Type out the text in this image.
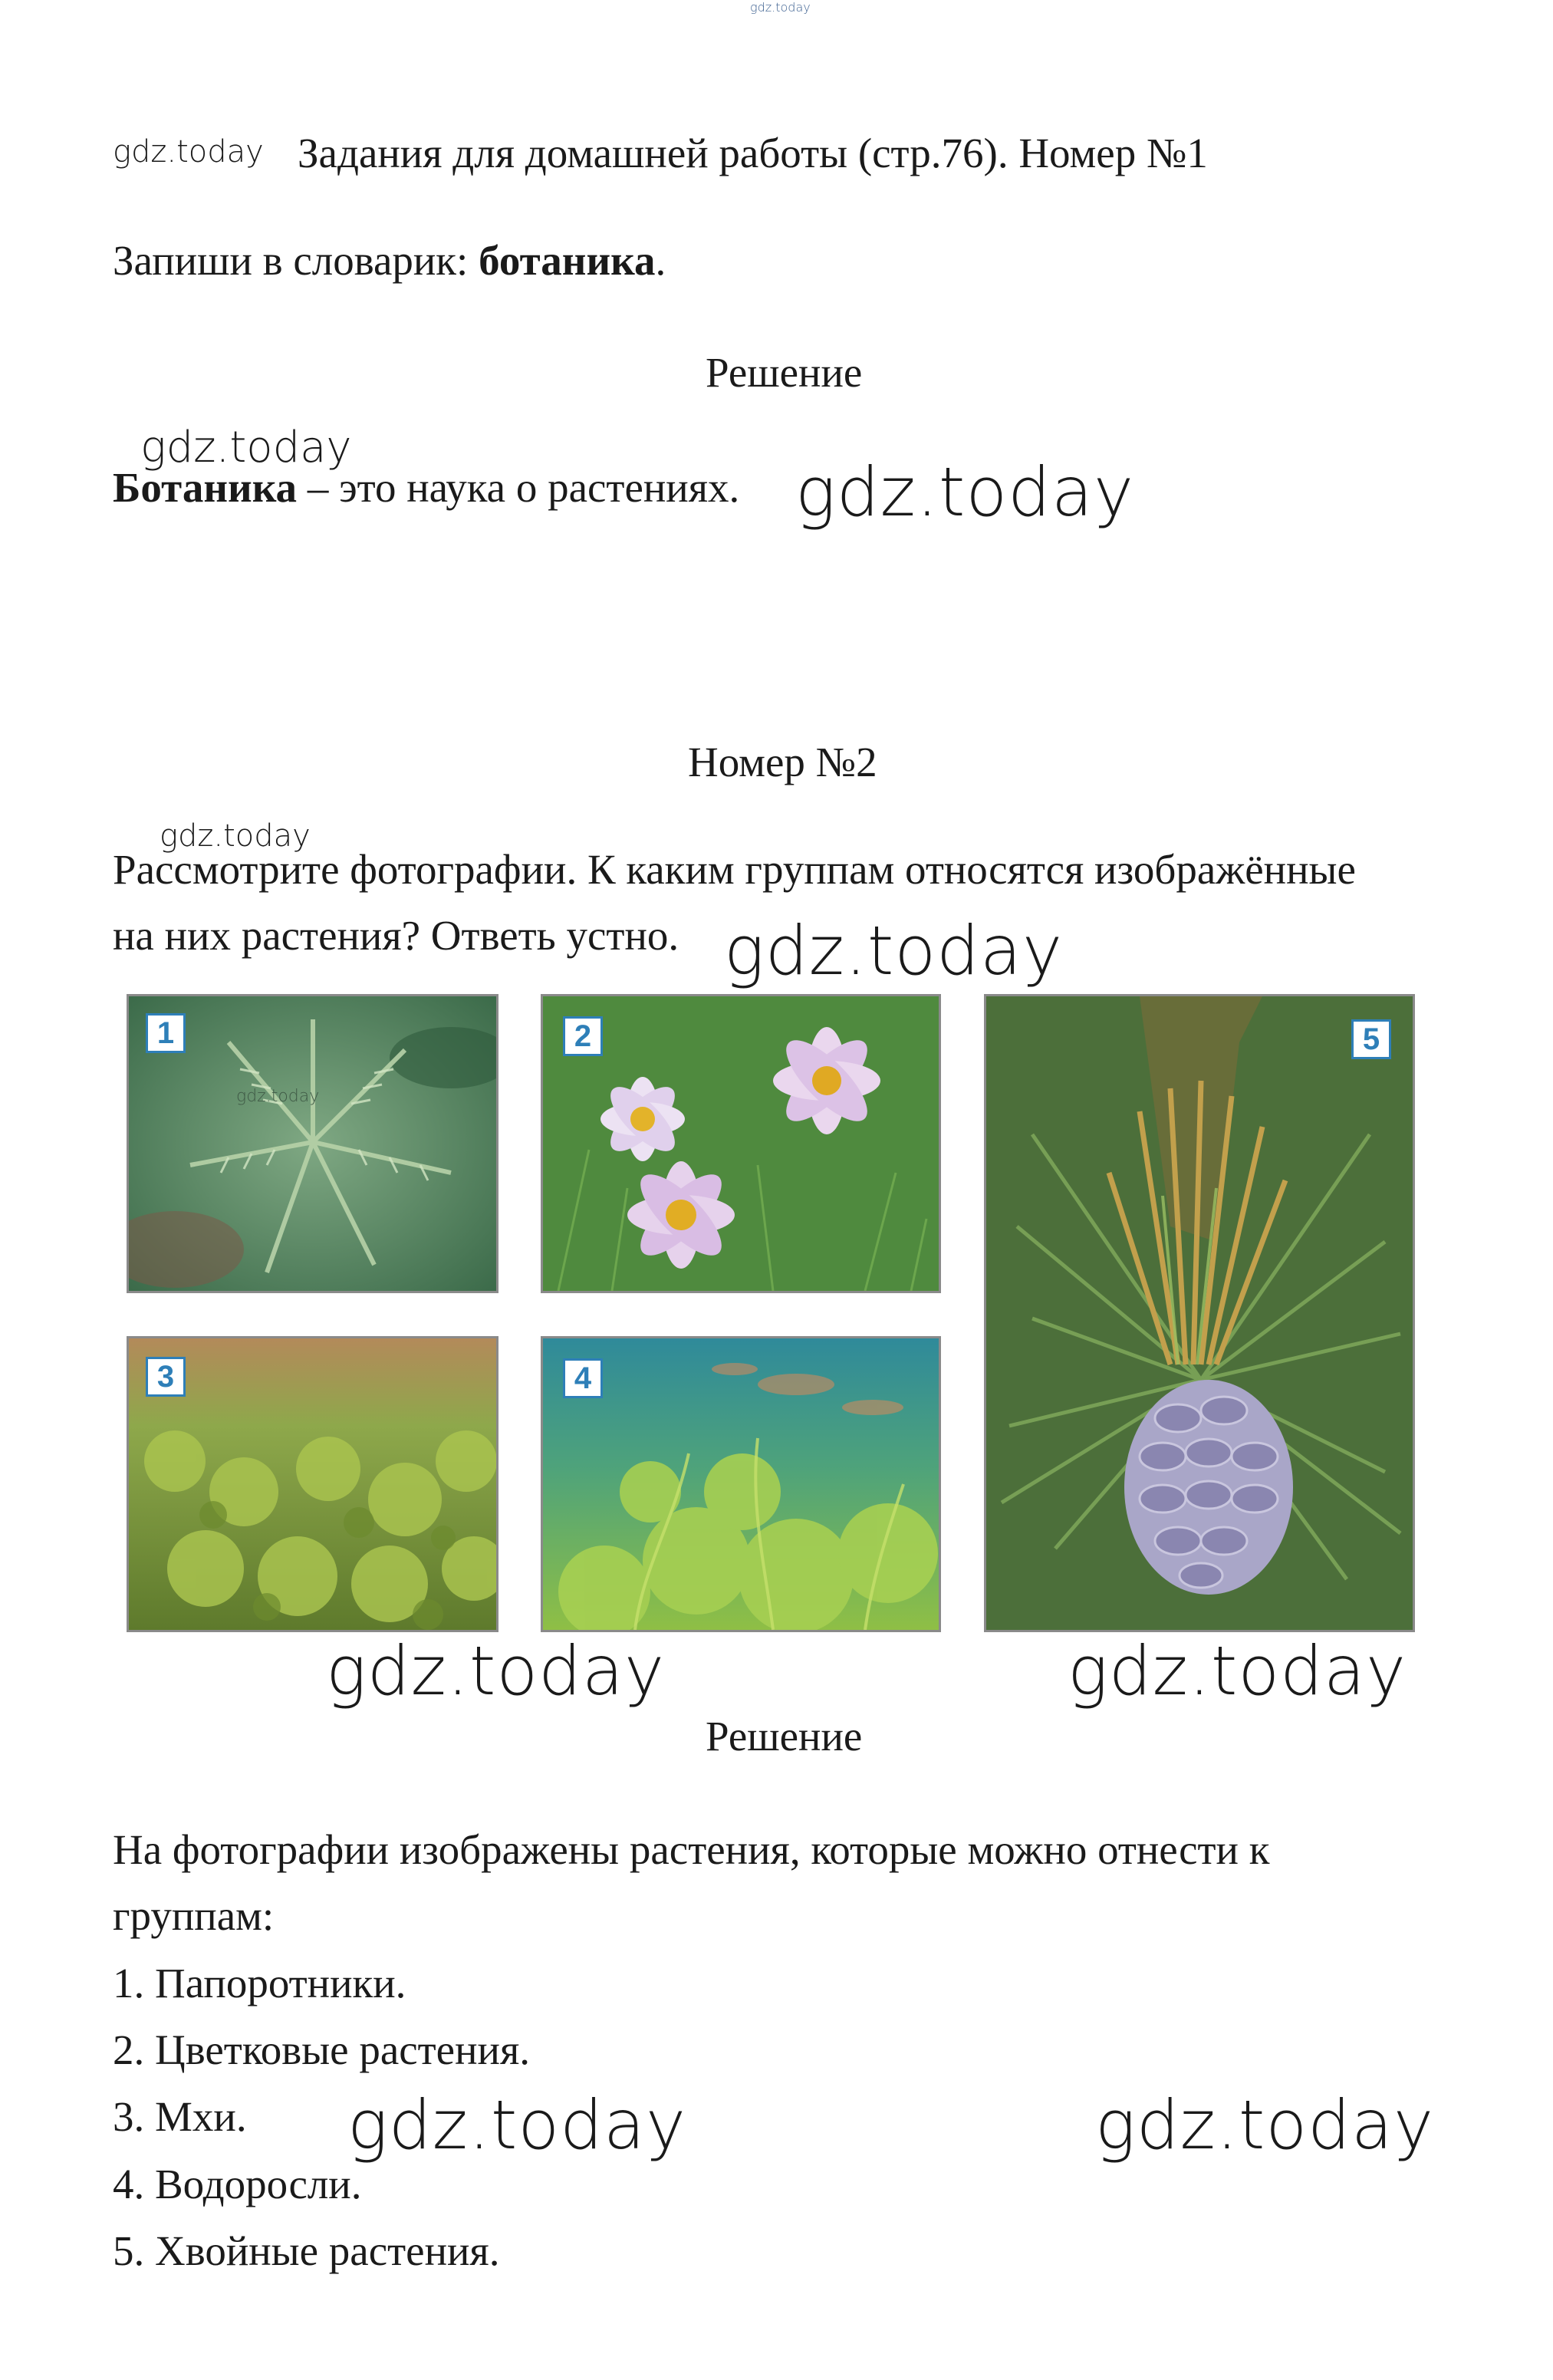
gdz.today
gdz.today Задания для домашней работы (стр.76). Номер №1
Запиши в словарик: ботаника.
Решение
gdz.today
Ботаника – это наука о растениях. gdz.today
Номер №2
gdz.today
Рассмотрите фотографии. К каким группам относятся изображённые
на них растения? Ответь устно. gdz.today
1
gdz.today
2
3	4
5
gdz.today	gdz.today
Решение
На фотографии изображены растения, которые можно отнести к
группам:
1. Папоротники.
2. Цветковые растения.
3. Мхи.
4. Водоросли.
5. Хвойные растения.
gdz.today	gdz.today
